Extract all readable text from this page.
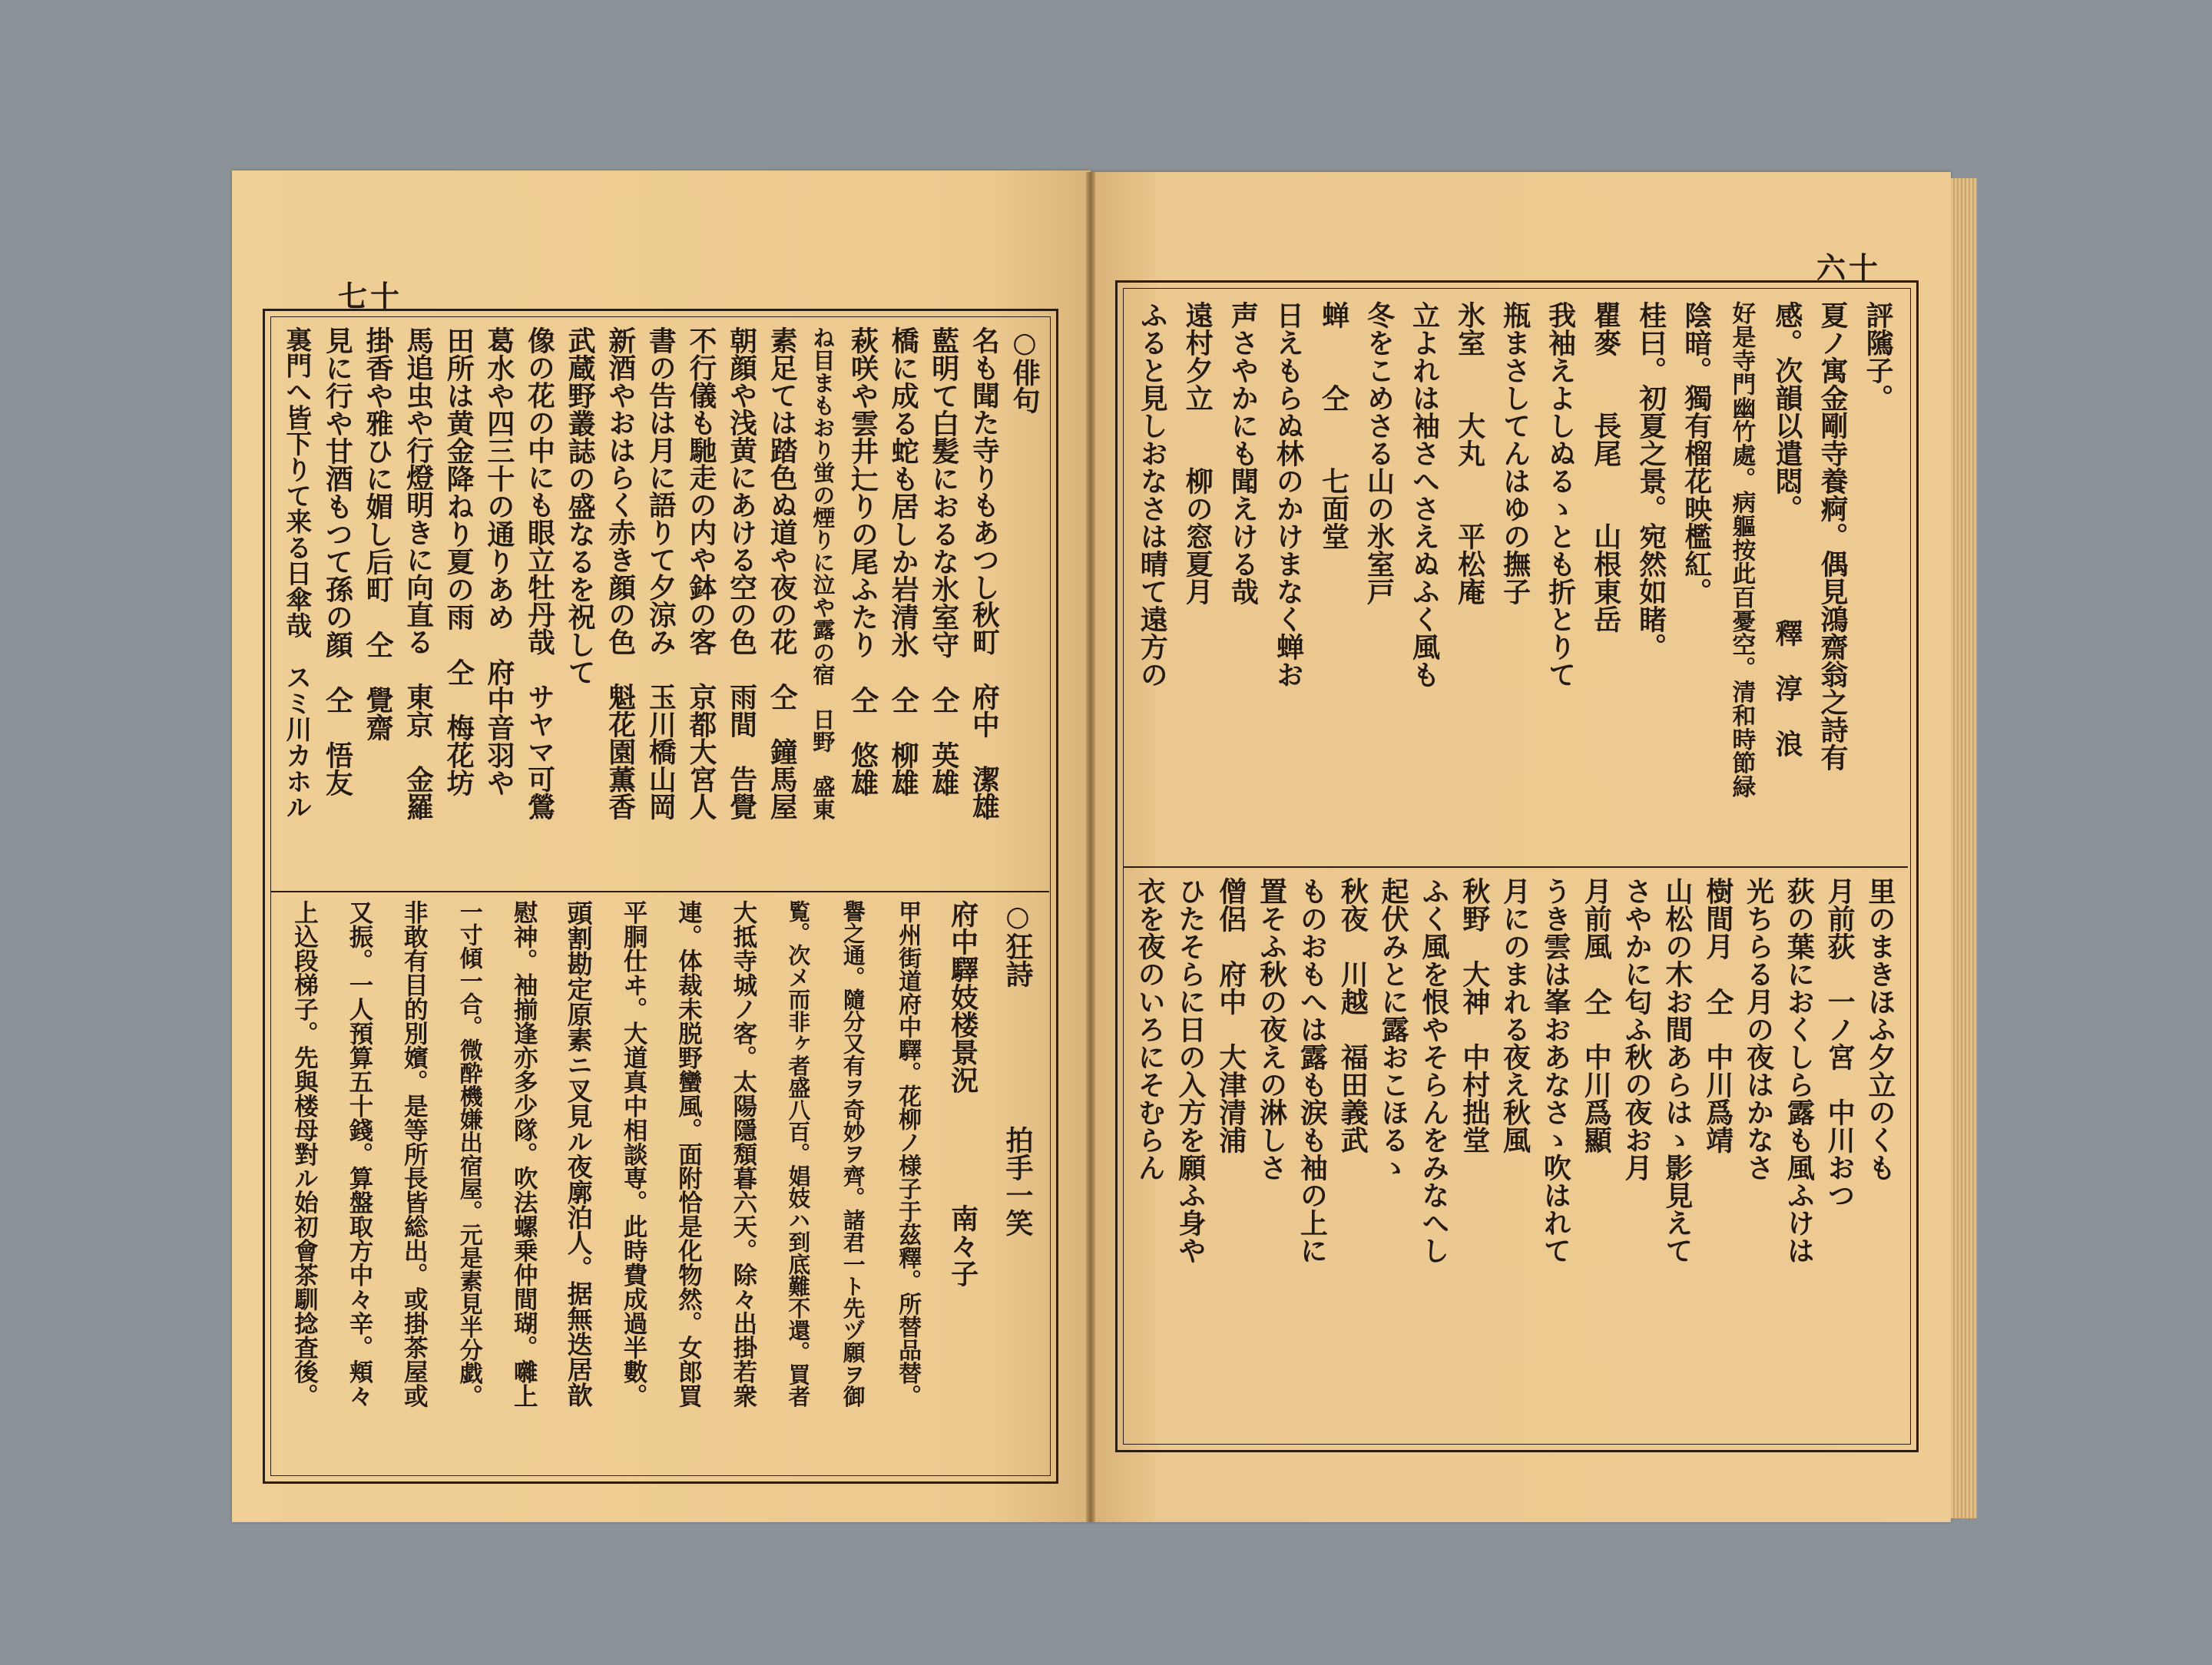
七十
○俳句
名も聞た寺りもあつし秋町　府中　潔雄
藍明て白髪におるな氷室守　仝　英雄
橋に成る蛇も居しか岩清氷　仝　柳雄
萩咲や雲井辷りの尾ふたり　仝　悠雄
ね目まもおり蛍の煙りに泣や露の宿　日野　盛東
素足ては踏色ぬ道や夜の花　仝　鐘馬屋
朝顔や浅黄にあける空の色　雨間　告覺
不行儀も馳走の内や鉢の客　京都大宮人
書の告は月に語りて夕涼み　玉川橋山岡
新酒やおはらく赤き顔の色　魁花園薫香
武蔵野叢誌の盛なるを祝して
像の花の中にも眼立牡丹哉　サヤマ可鶯
葛水や四三十の通りあめ　府中音羽や
田所は黄金降ねり夏の雨　仝　梅花坊
馬追虫や行燈明きに向直る　東京　金羅
掛香や雅ひに媚し后町　仝　覺齋
見に行や甘酒もつて孫の顔　仝　悟友
裏門へ皆下りて来る日傘哉　スミ川カホル
○狂詩　　　　　拍手一笑
府中驛妓楼景況　　　　南々子
甲州街道府中驛。花柳ノ様子于茲釋。所替品替。
譽之通。隨分又有ヲ奇妙ヲ齊。諸君一ト先ヅ願ヲ御
覧。次メ而非ヶ者盛八百。娼妓ハ到底難不還。買者
大抵寺城ノ客。太陽隱頽暮六天。除々出掛若衆
連。体裁未脱野蠻風。面附恰是化物然。女郎買
平胴仕ヰ。大道真中相談専。此時費成過半數。
頭割勘定原素ニ叉見ル夜廓泊人。据無迭居歆
慰神。袖揃逢亦多少隊。吹法螺乗仲間瑚。囃上
一寸傾一合。微酔機嫌出宿屋。元是素見半分戯。
非敢有目的別嬪。是等所長皆総出。或掛茶屋或
又振。一人預算五十錢。算盤取方中々辛。頬々
上込段梯子。先與楼母對ル始初會茶馴捻査後。
六十
評隲子。
夏ノ寓金剛寺養痾。偶見鴻齋翁之詩有
感。次韻以遣悶。　　　　釋　淳　浪
好是寺門幽竹處。病軀按此百憂空。清和時節緑
陰暗。獨有榴花映檻紅。
桂曰。初夏之景。宛然如睹。
瞿麥　　長尾　　山根東岳
我袖えよしぬるゝとも折とりて
瓶まさしてんはゆの撫子
氷室　　大丸　　平松庵
立よれは袖さへさえぬふく風も
冬をこめさる山の氷室戸
蝉　　仝　　七面堂
日えもらぬ林のかけまなく蝉お
声さやかにも聞えける哉
遠村夕立　　柳の窓夏月
ふると見しおなさは晴て遠方の
里のまきほふ夕立のくも
月前荻　一ノ宮　中川おつ
荻の葉におくしら露も風ふけは
光ちらる月の夜はかなさ
樹間月　仝　中川爲靖
山松の木お間あらはゝ影見えて
さやかに匂ふ秋の夜お月
月前風　仝　中川爲顯
うき雲は峯おあなさゝ吹はれて
月にのまれる夜え秋風
秋野　大神　中村拙堂
ふく風を恨やそらんをみなへし
起伏みとに露おこほるゝ
秋夜　川越　福田義武
ものおもへは露も涙も袖の上に
置そふ秋の夜えの淋しさ
僧侶　府中　大津清浦
ひたそらに日の入方を願ふ身や
衣を夜のいろにそむらん
